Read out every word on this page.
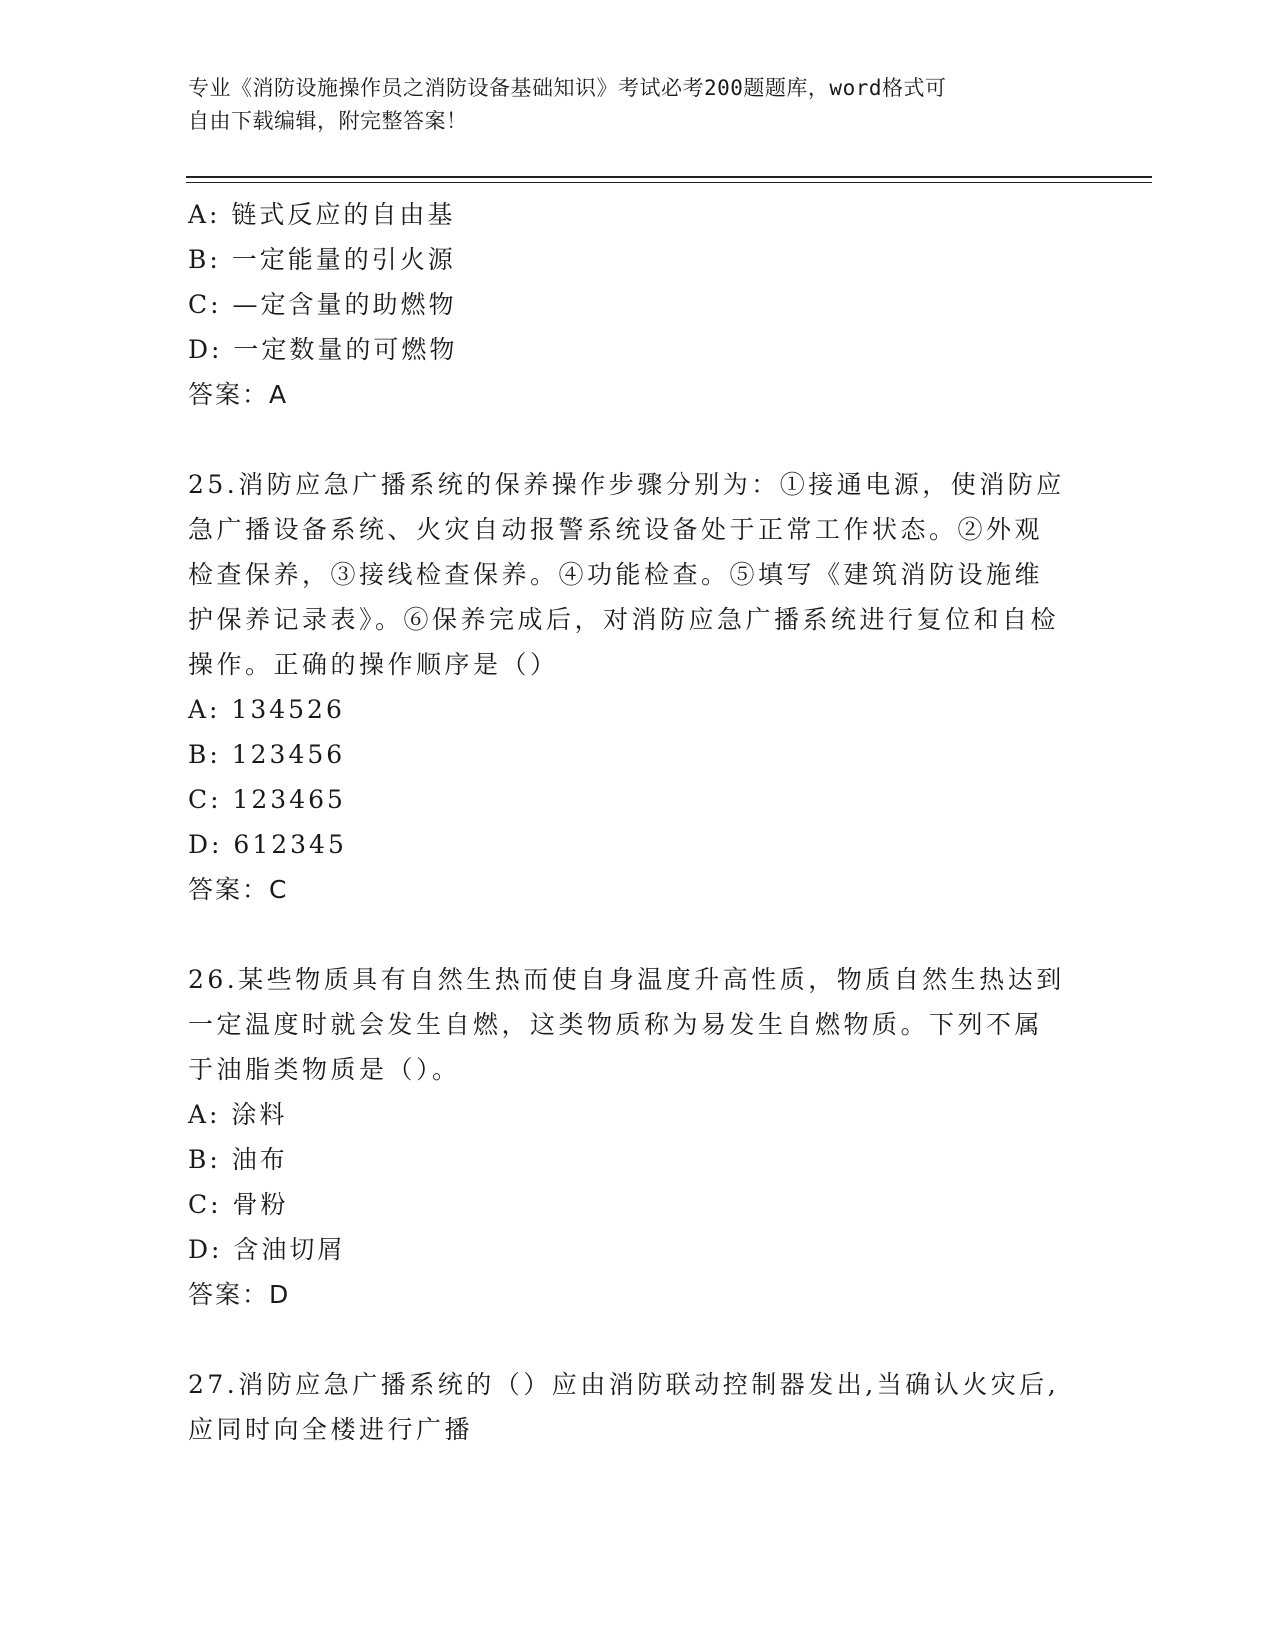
专业《消防设施操作员之消防设备基础知识》考试必考200题题库，word格式可
自由下载编辑，附完整答案！
A: 链式反应的自由基
B: 一定能量的引火源
C: —定含量的助燃物
D: 一定数量的可燃物
答案：A
25.消防应急广播系统的保养操作步骤分别为：①接通电源，使消防应急广播设备系统、火灾自动报警系统设备处于正常工作状态。②外观检查保养，③接线检查保养。④功能检查。⑤填写《建筑消防设施维护保养记录表》。⑥保养完成后，对消防应急广播系统进行复位和自检操作。正确的操作顺序是（）
A: 134526
B: 123456
C: 123465
D: 612345
答案：C
26.某些物质具有自然生热而使自身温度升高性质，物质自然生热达到一定温度时就会发生自燃，这类物质称为易发生自燃物质。下列不属于油脂类物质是（）。
A: 涂料
B: 油布
C: 骨粉
D: 含油切屑
答案：D
27.消防应急广播系统的（）应由消防联动控制器发出,当确认火灾后,应同时向全楼进行广播
